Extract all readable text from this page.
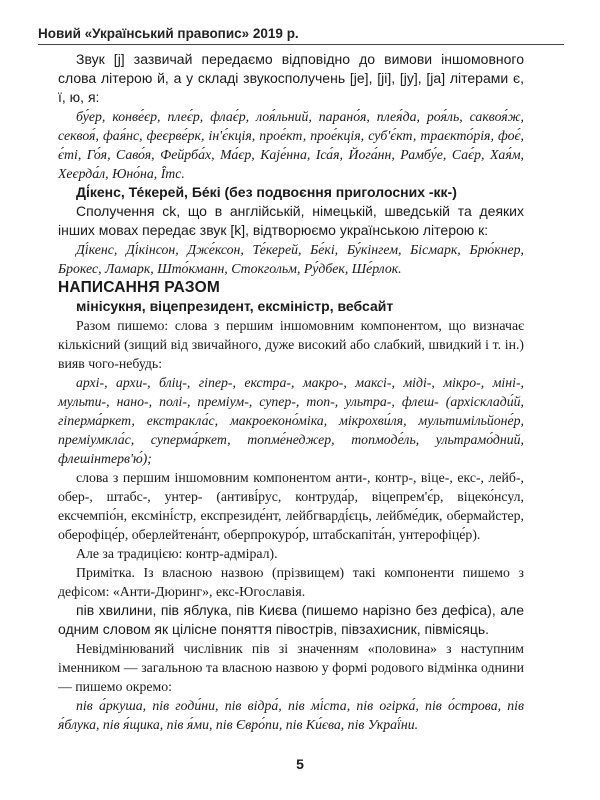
Новий «Український правопис» 2019 р.

Звук [j] зазвичай передаємо відповідно до вимови іншомовного слова літерою й, а у складі звукосполучень [jе], [jі], [jу], [jа] літерами є, ї, ю, я:

бу́ер, конве́єр, плеє́р, флає́р, лоя́льний, парано́я, плея́да, роя́ль, саквоя́ж, секвоя́, фая́нс, феєрве́рк, ін'є́кція, прое́кт, прое́кція, суб'є́кт, траєкто́рія, фоє́, є́ті, Го́я, Саво́я, Фейрба́х, Ма́єр, Каје́нна, Іса́я, Йога́нн, Рамбу́е, Сає́р, Хая́м, Хеєрда́л, Юно́на, Ї́тс.

Ді́кенс, Те́керей, Бе́кі (без подвоєння приголосних -кк-)

Сполучення ck, що в англійській, німецькій, шведській та деяких інших мовах передає звук [k], відтворюємо українською літерою к:

Ді́кенс, Ді́кінсон, Дже́ксон, Те́керей, Бе́кі, Бу́кінгем, Бісмарк, Брю́кнер, Брокес, Ламарк, Што́кманн, Стокгольм, Ру́дбек, Ше́рлок.

НАПИСАННЯ РАЗОМ

мінісукня, віцепрезидент, ексміністр, вебсайт

Разом пишемо: слова з першим іншомовним компонентом, що визначає кількісний (зищий від звичайного, дуже високий або слабкий, швидкий і т. ін.) вияв чого-небудь:

архі-, архи-, бліц-, гіпер-, екстра-, макро-, максі-, міді-, мікро-, міні-, мульти-, нано-, полі-, преміум-, супер-, топ-, ультра-, флеш- (архісклади́й, гіперма́ркет, екстракла́с, макроеконо́міка, мікрохви́ля, мультимільйоне́р, преміумкла́с, суперма́ркет, топме́неджер, топмоде́ль, ультрамо́дний, флешінтерв'ю́);

слова з першим іншомовним компонентом анти-, контр-, віце-, екс-, лейб-, обер-, штабс-, унтер- (антиві́рус, контруда́р, віцепрем'є́р, віцеко́нсул, ексчемпіо́н, ексміні́стр, експрезиде́нт, лейбгварді́єць, лейбме́дик, обермайстер, оберофіце́р, оберлейтена́нт, оберпрокуро́р, штабскапіта́н, унтерофіце́р).

Але за традицією: контр-адмірал).

Примітка. Із власною назвою (прізвищем) такі компоненти пишемо з дефісом: «Анти-Дюринг», екс-Югославія.

пів хвилини, пів яблука, пів Києва (пишемо нарізно без дефіса), але одним словом як цілісне поняття півострів, півзахисник, півмісяць.

Невідмінюваний числівник пів зі значенням «половина» з наступним іменником — загальною та власною назвою у формі родового відмінка однини — пишемо окремо:

пів а́ркуша, пів годи́ни, пів відра́, пів мі́ста, пів огірка́, пів о́строва, пів я́блука, пів я́щика, пів я́ми, пів Євро́пи, пів Ки́єва, пів Украї́ни.

5
